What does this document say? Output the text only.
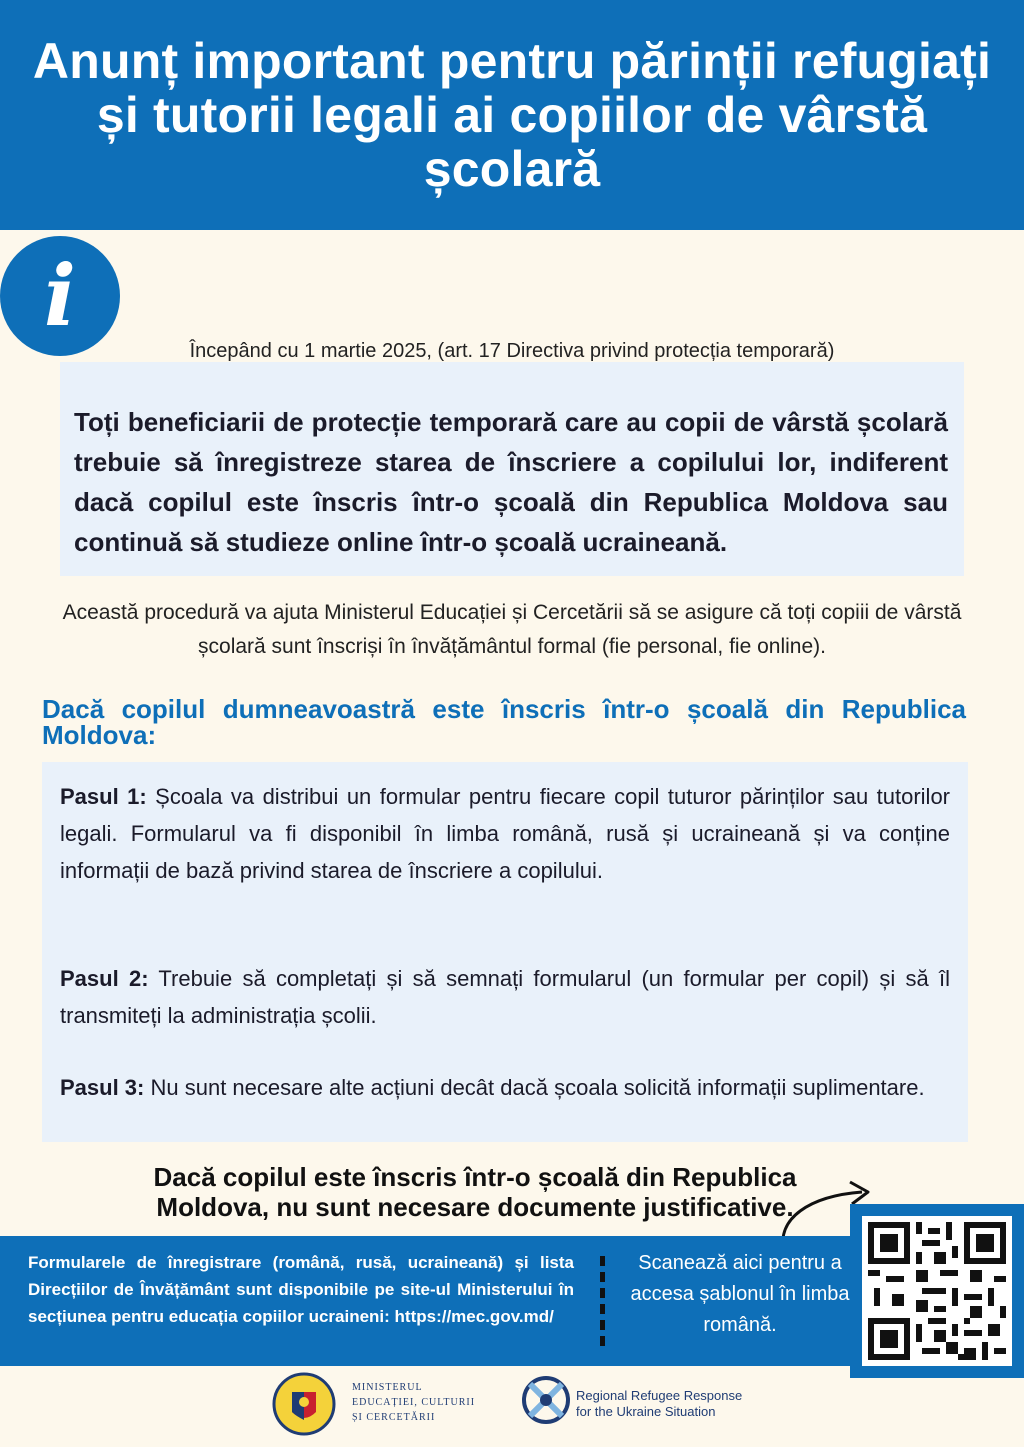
Anunț important pentru părinții refugiați și tutorii legali ai copiilor de vârstă școlară
i
Începând cu 1 martie 2025, (art. 17 Directiva privind protecția temporară)

Toți beneficiarii de protecție temporară care au copii de vârstă școlară trebuie să înregistreze starea de înscriere a copilului lor, indiferent dacă copilul este înscris într-o școală din Republica Moldova sau continuă să studieze online într-o școală ucraineană.

Această procedură va ajuta Ministerul Educației și Cercetării să se asigure că toți copiii de vârstă școlară sunt înscriși în învățământul formal (fie personal, fie online).
Dacă copilul dumneavoastră este înscris într-o școală din Republica Moldova:

Pasul 1: Școala va distribui un formular pentru fiecare copil tuturor părinților sau tutorilor legali. Formularul va fi disponibil în limba română, rusă și ucraineană și va conține informații de bază privind starea de înscriere a copilului.

Pasul 2: Trebuie să completați și să semnați formularul (un formular per copil) și să îl transmiteți la administrația școlii.

Pasul 3: Nu sunt necesare alte acțiuni decât dacă școala solicită informații suplimentare.

Dacă copilul este înscris într-o școală din Republica Moldova, nu sunt necesare documente justificative.

Formularele de înregistrare (română, rusă, ucraineană) și lista Direcțiilor de Învățământ sunt disponibile pe site-ul Ministerului în secțiunea pentru educația copiilor ucraineni: https://mec.gov.md/

Scanează aici pentru a accesa șablonul în limba română.
MINISTERUL
EDUCAȚIEI, CULTURII
ȘI CERCETĂRII
Regional Refugee Response
for the Ukraine Situation
